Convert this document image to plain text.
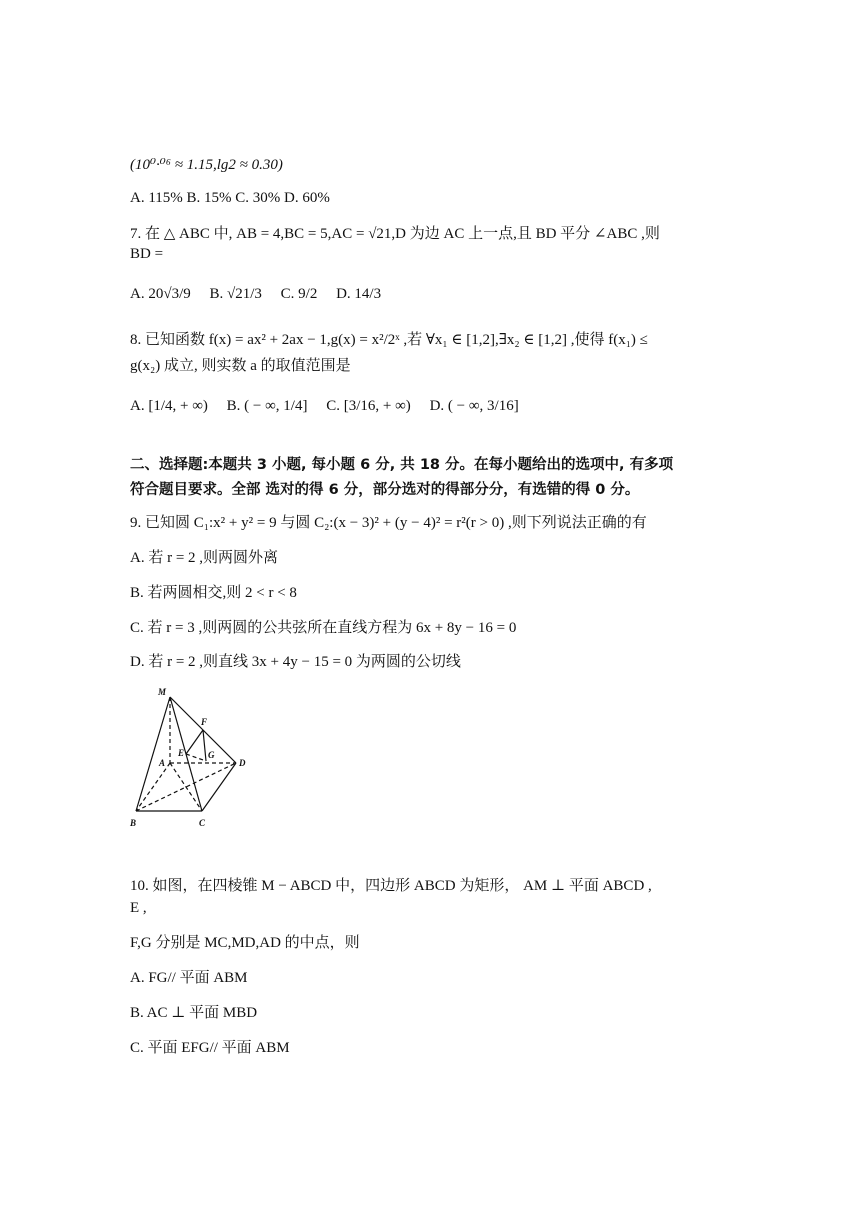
(10⁰·⁰⁶ ≈ 1.15,lg2 ≈ 0.30)
A. 115% B. 15% C. 30% D. 60%
7. 在 △ ABC 中, AB = 4,BC = 5,AC = √21,D 为边 AC 上一点,且 BD 平分 ∠ABC ,则
BD =
A. 20√3/9 B. √21/3 C. 9/2 D. 14/3
8. 已知函数 f(x) = ax² + 2ax − 1,g(x) = x²/2ˣ ,若 ∀x₁ ∈ [1,2],∃x₂ ∈ [1,2] ,使得 f(x₁) ≤
g(x₂) 成立, 则实数 a 的取值范围是
A. [1/4, + ∞) B. ( − ∞, 1/4] C. [3/16, + ∞) D. ( − ∞, 3/16]
二、选择题:本题共 3 小题, 每小题 6 分, 共 18 分。在每小题给出的选项中, 有多项
符合题目要求。全部 选对的得 6 分，部分选对的得部分分，有选错的得 0 分。
9. 已知圆 C₁:x² + y² = 9 与圆 C₂:(x − 3)² + (y − 4)² = r²(r > 0) ,则下列说法正确的有
A. 若 r = 2 ,则两圆外离
B. 若两圆相交,则 2 < r < 8
C. 若 r = 3 ,则两圆的公共弦所在直线方程为 6x + 8y − 16 = 0
D. 若 r = 2 ,则直线 3x + 4y − 15 = 0 为两圆的公切线
M
F
E	G
A	D
B	C
10. 如图，在四棱锥 M − ABCD 中，四边形 ABCD 为矩形， AM ⊥ 平面 ABCD ,
E ,
F,G 分别是 MC,MD,AD 的中点，则
A. FG// 平面 ABM
B. AC ⊥ 平面 MBD
C. 平面 EFG// 平面 ABM
